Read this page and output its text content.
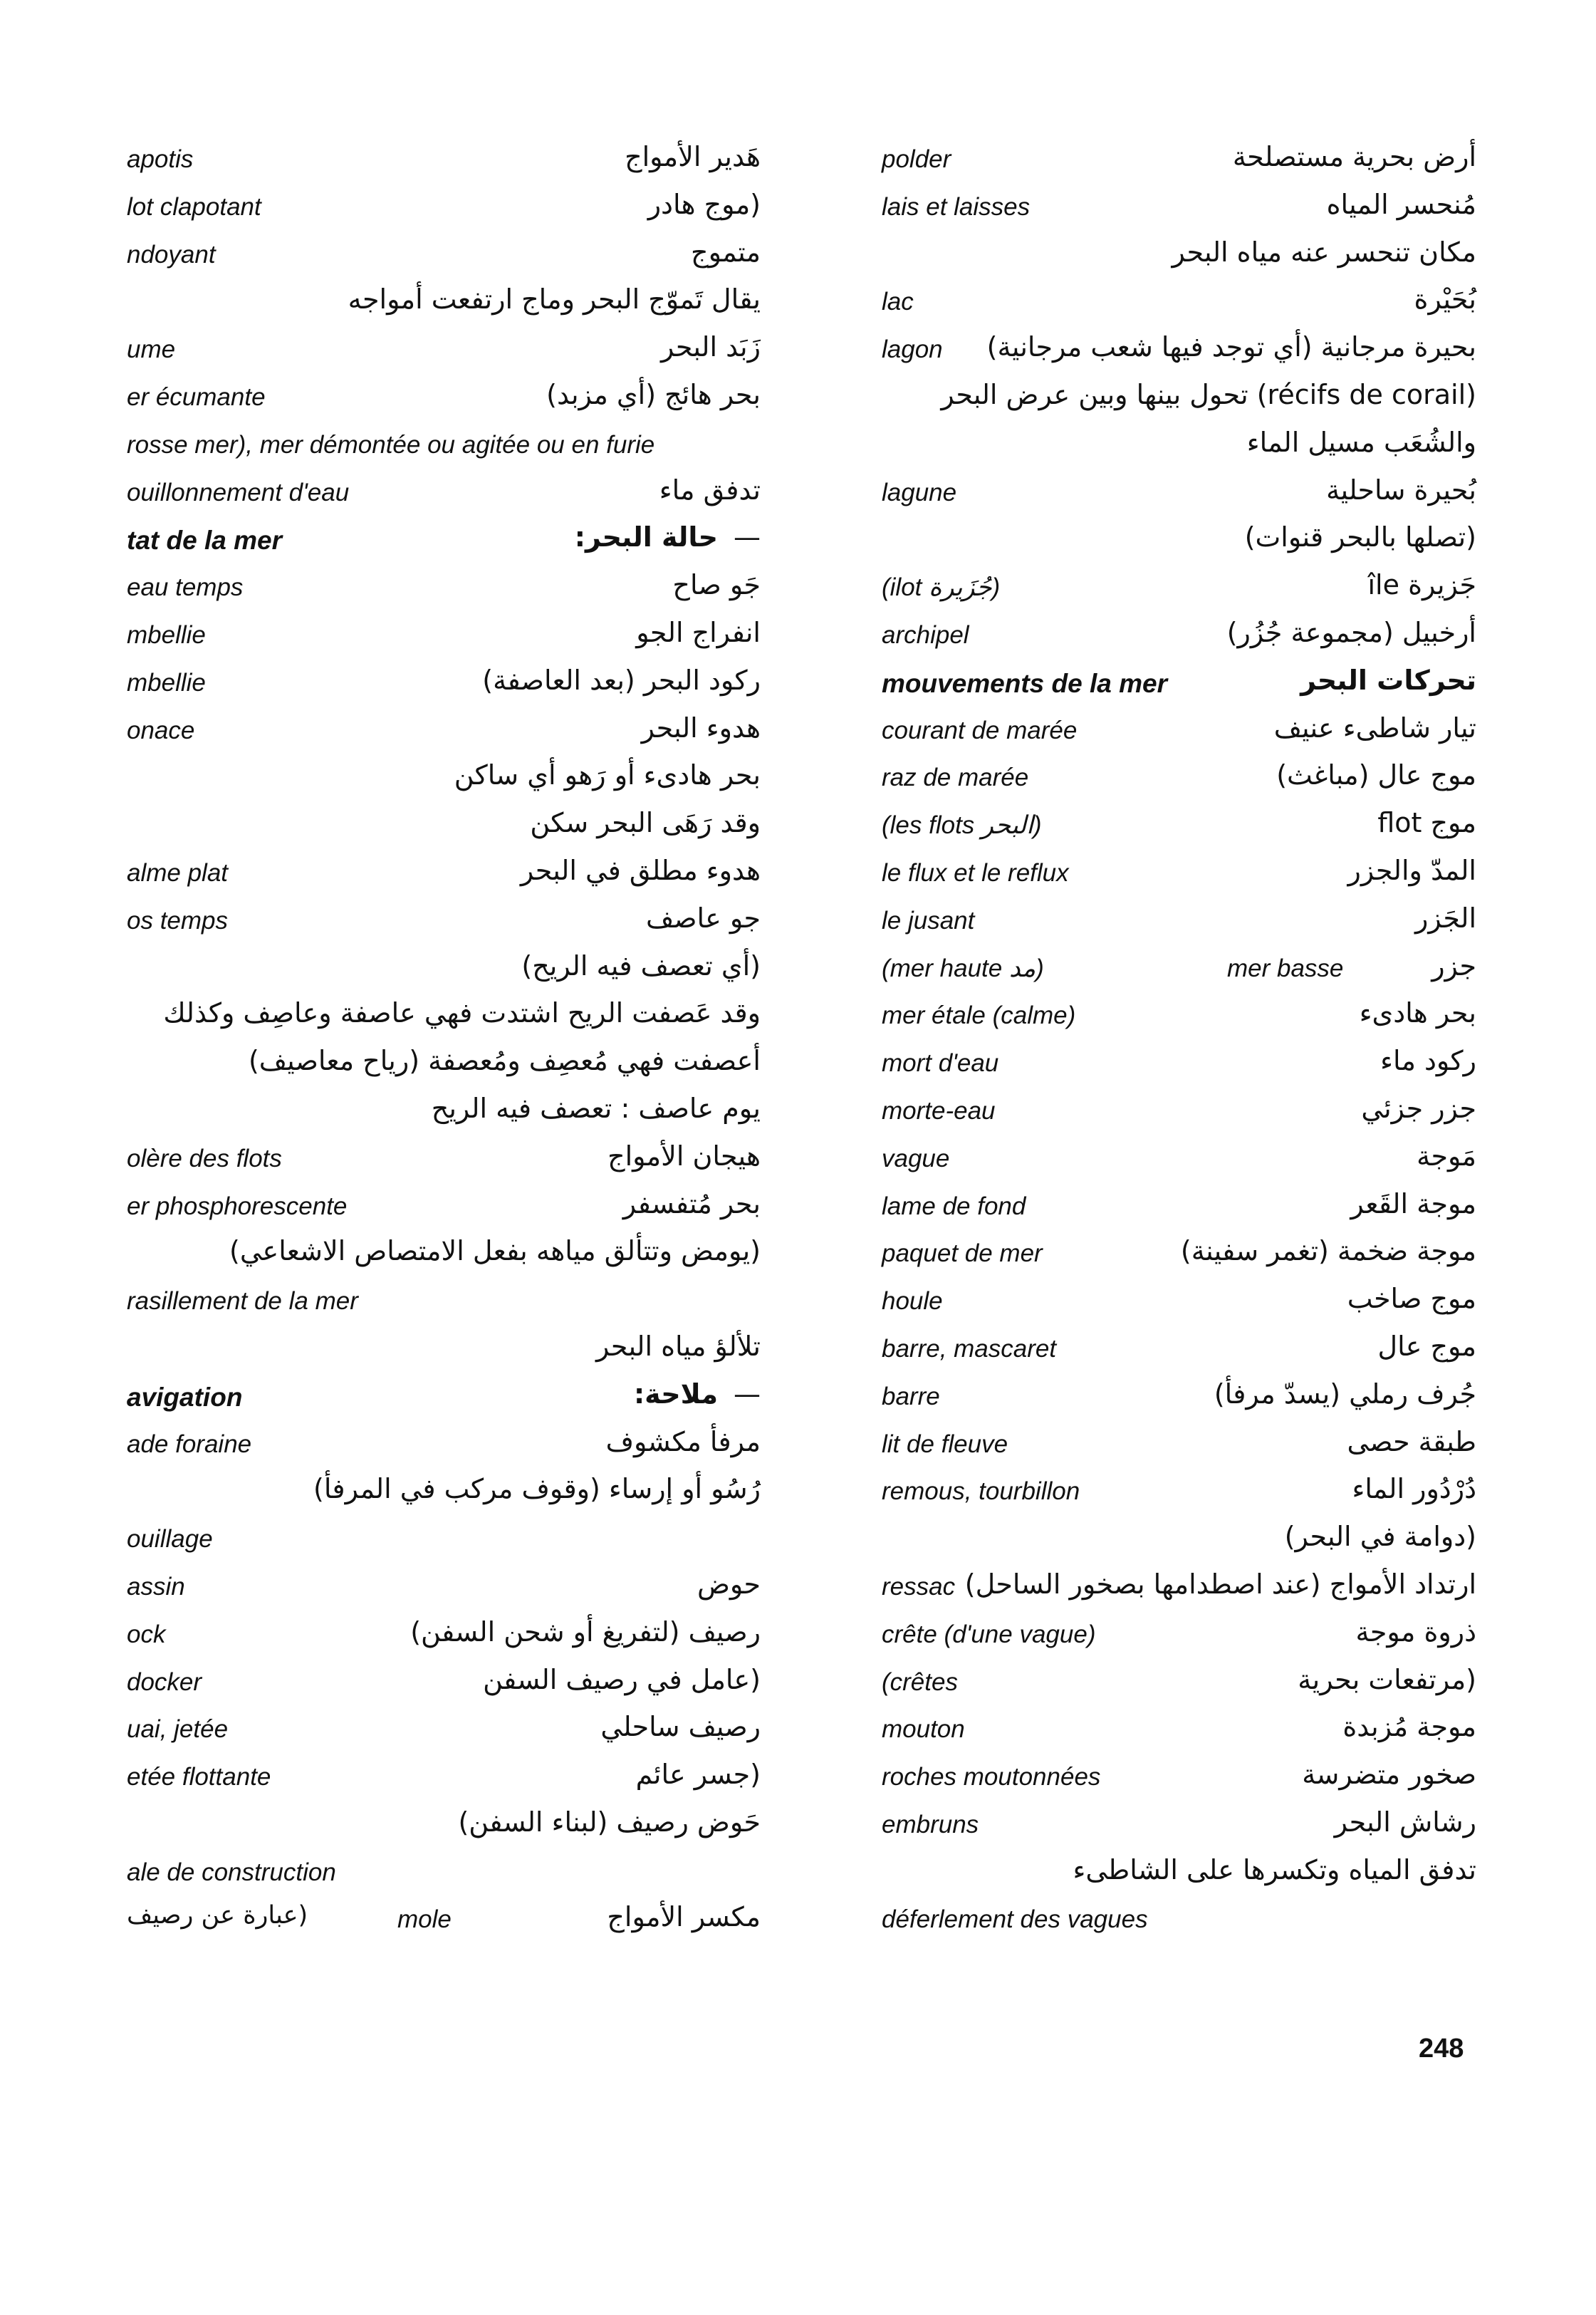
apotis	هَدير الأمواج
lot clapotant	(موج هادر
ndoyant	متموج
يقال تَموّج البحر وماج ارتفعت أمواجه
ume	زَبَد البحر
er écumante	بحر هائج (أي مزبد)
rosse mer), mer démontée ou agitée ou en furie
ouillonnement d'eau	تدفق ماء
tat de la mer	حالة البحر: —
eau temps	جَو صاح
mbellie	انفراج الجو
mbellie	ركود البحر (بعد العاصفة)
onace	هدوء البحر
بحر هادىء أو رَهو أي ساكن
وقد رَهَى البحر سكن
alme plat	هدوء مطلق في البحر
os temps	جو عاصف
(أي تعصف فيه الريح)
وقد عَصفت الريح اشتدت فهي عاصفة وعاصِف وكذلك
أعصفت فهي مُعصِف ومُعصفة (رياح معاصيف)
يوم عاصف : تعصف فيه الريح
olère des flots	هيجان الأمواج
er phosphorescente	بحر مُتفسفر
(يومض وتتألق مياهه بفعل الامتصاص الاشعاعي)
rasillement de la mer
تلألؤ مياه البحر
avigation	ملاحة: —
ade foraine	مرفأ مكشوف
رُسُو أو إرساء (وقوف مركب في المرفأ)
ouillage
assin	حوض
ock	رصيف (لتفريغ أو شحن السفن)
docker	(عامل في رصيف السفن
uai, jetée	رصيف ساحلي
etée flottante	(جسر عائم
حَوض رصيف (لبناء السفن)
ale de construction
(عبارة عن رصيف	mole	مكسر الأمواج
polder	أرض بحرية مستصلحة
lais et laisses	مُنحسر المياه
مكان تنحسر عنه مياه البحر
lac	بُحَيْرة
lagon بحيرة مرجانية (أي توجد فيها شعب مرجانية)
(récifs de corail) تحول بينها وبين عرض البحر
والشُعَب مسيل الماء
lagune	بُحيرة ساحلية
(تصلها بالبحر قنوات)
(ilot جُزَيرة)	جَزيرة île
archipel	أرخبيل (مجموعة جُزُر)
mouvements de la mer	تحركات البحر
courant de marée	تيار شاطىء عنيف
raz de marée	موج عال (مباغث)
(les flots البحر)	موج flot
le flux et le reflux	المدّ والجزر
le jusant	الجَزر
(mer haute مد)	mer basse	جزر
mer étale (calme)	بحر هادىء
mort d'eau	ركود ماء
morte-eau	جزر جزئي
vague	مَوجة
lame de fond	موجة القَعر
paquet de mer	موجة ضخمة (تغمر سفينة)
houle	موج صاخب
barre, mascaret	موج عال
barre	جُرف رملي (يسدّ مرفأ)
lit de fleuve	طبقة حصى
remous, tourbillon	دُرْدُور الماء
(دوامة في البحر)
ressac ارتداد الأمواج (عند اصطدامها بصخور الساحل)
crête (d'une vague)	ذروة موجة
(crêtes	(مرتفعات بحرية
mouton	موجة مُزبدة
roches moutonnées	صخور متضرسة
embruns	رشاش البحر
تدفق المياه وتكسرها على الشاطىء
déferlement des vagues
248
